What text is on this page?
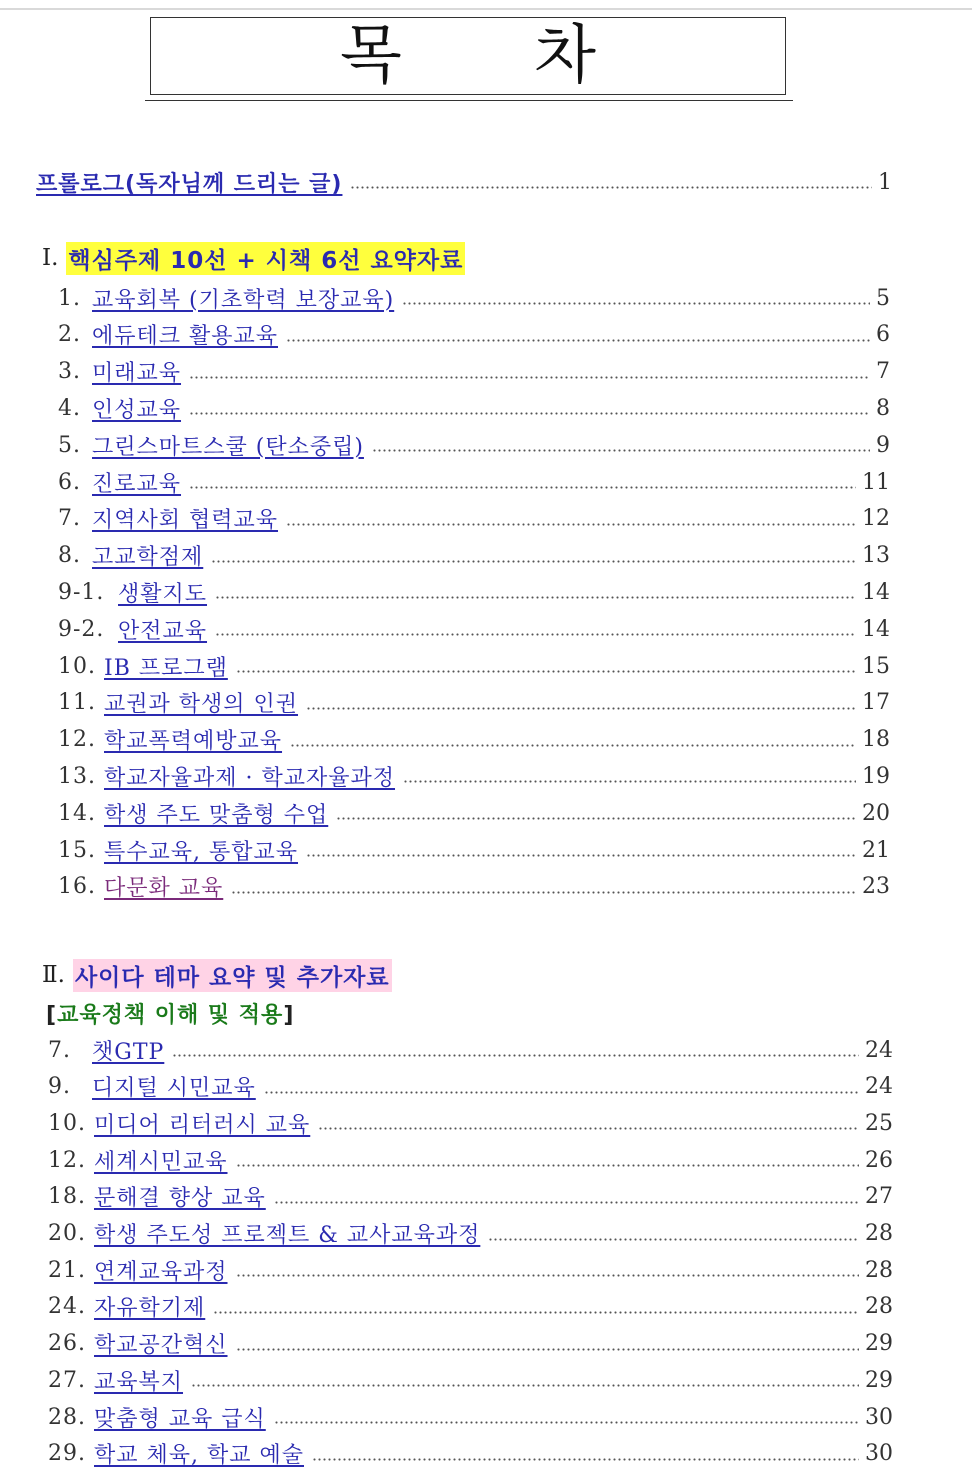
목 차
프롤로그(독자님께 드리는 글)	1
Ⅰ. 핵심주제 10선 + 시책 6선 요약자료
1. 교육회복 (기초학력 보장교육)	5
2. 에듀테크 활용교육	6
3. 미래교육	7
4. 인성교육	8
5. 그린스마트스쿨 (탄소중립)	9
6. 진로교육	11
7. 지역사회 협력교육	12
8. 고교학점제	13
9-1. 생활지도	14
9-2. 안전교육	14
10. IB 프로그램	15
11. 교권과 학생의 인권	17
12. 학교폭력예방교육	18
13. 학교자율과제 · 학교자율과정	19
14. 학생 주도 맞춤형 수업	20
15. 특수교육, 통합교육	21
16. 다문화 교육	23
Ⅱ. 사이다 테마 요약 및 추가자료
[교육정책 이해 및 적용]
7. 챗GTP	24
9. 디지털 시민교육	24
10. 미디어 리터러시 교육	25
12. 세계시민교육	26
18. 문해결 향상 교육	27
20. 학생 주도성 프로젝트 & 교사교육과정	28
21. 연계교육과정	28
24. 자유학기제	28
26. 학교공간혁신	29
27. 교육복지	29
28. 맞춤형 교육 급식	30
29. 학교 체육, 학교 예술	30
